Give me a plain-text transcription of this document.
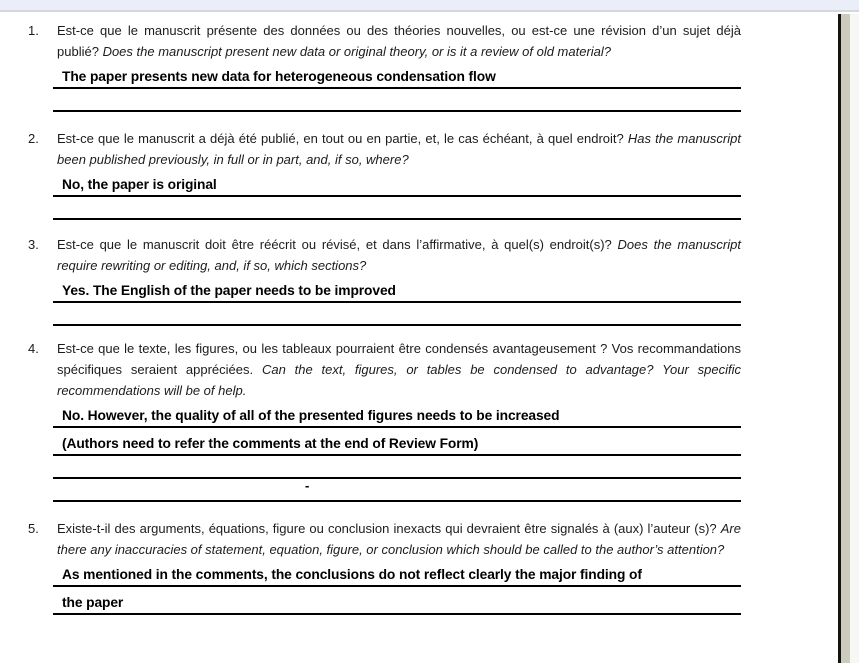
1.	Est-ce que le manuscrit présente des données ou des théories nouvelles, ou est-ce une révision d’un sujet déjà publié? Does the manuscript present new data or original theory, or is it a review of old material?
The paper presents new data for heterogeneous condensation flow
2.	Est-ce que le manuscrit a déjà été publié, en tout ou en partie, et, le cas échéant, à quel endroit? Has the manuscript been published previously, in full or in part, and, if so, where?
No, the paper is original
3.	Est-ce que le manuscrit doit être réécrit ou révisé, et dans l’affirmative, à quel(s) endroit(s)? Does the manuscript require rewriting or editing, and, if so, which sections?
Yes. The English of the paper needs to be improved
4.	Est-ce que le texte, les figures, ou les tableaux pourraient être condensés avantageusement ? Vos recommandations spécifiques seraient appréciées. Can the text, figures, or tables be condensed to advantage? Your specific recommendations will be of help.
No. However, the quality of all of the presented figures needs to be increased
(Authors need to refer the comments at the end of Review Form)
-
5.	Existe-t-il des arguments, équations, figure ou conclusion inexacts qui devraient être signalés à (aux) l’auteur (s)? Are there any inaccuracies of statement, equation, figure, or conclusion which should be called to the author’s attention?
As mentioned in the comments, the conclusions do not reflect clearly the major finding of
the paper
